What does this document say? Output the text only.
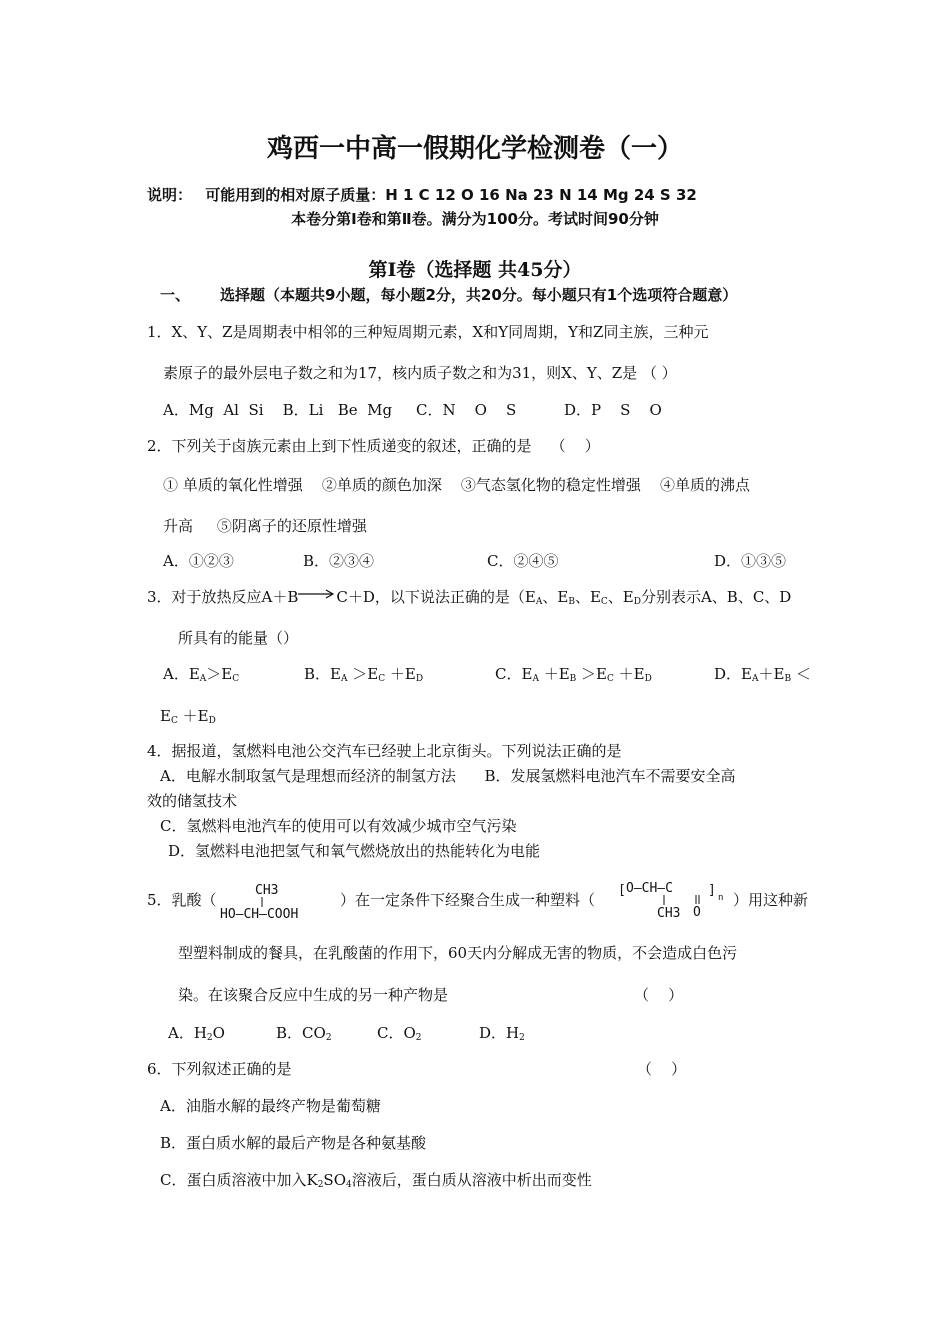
鸡西一中高一假期化学检测卷（一）
说明： 可能用到的相对原子质量：H 1 C 12 O 16 Na 23 N 14 Mg 24 S 32
本卷分第Ⅰ卷和第Ⅱ卷。满分为100分。考试时间90分钟
第Ⅰ卷（选择题 共45分）
一、 选择题（本题共9小题，每小题2分，共20分。每小题只有1个选项符合题意）
1．X、Y、Z是周期表中相邻的三种短周期元素，X和Y同周期，Y和Z同主族，三种元
素原子的最外层电子数之和为17，核内质子数之和为31，则X、Y、Z是 （ ）
A．Mg  Al  Si    B．Li   Be  Mg     C．N    O    S          D．P    S    O
2．下列关于卤族元素由上到下性质递变的叙述，正确的是    （    ）
① 单质的氧化性增强    ②单质的颜色加深    ③气态氢化物的稳定性增强    ④单质的沸点
升高     ⑤阴离子的还原性增强
A．①②③	B．②③④	C．②④⑤	D．①③⑤
3．对于放热反应A＋B→C＋D，以下说法正确的是（$E_A$、$E_B$、$E_C$、$E_D$分别表示A、B、C、D
所具有的能量（）
A．$E_A>E_C$	B．$E_A >E_C +E_D$	C．$E_A +E_B >E_C +E_D$	D．$E_A+E_B$ ＜
$E_C +E_D$
4．据报道，氢燃料电池公交汽车已经驶上北京街头。下列说法正确的是
A．电解水制取氢气是理想而经济的制氢方法      B．发展氢燃料电池汽车不需要安全高
效的储氢技术
C．氢燃料电池汽车的使用可以有效减少城市空气污染
D．氢燃料电池把氢气和氧气燃烧放出的热能转化为电能
5．乳酸（
CH3
HO—CH—COOH
）在一定条件下经聚合生成一种塑料（
[ O—CH—C	] n
CH3 O
）用这种新
型塑料制成的餐具，在乳酸菌的作用下，60天内分解成无害的物质，不会造成白色污
染。在该聚合反应中生成的另一种产物是	（    ）
A．$H_2O$	B．$CO_2$	C．$O_2$	D．$H_2$
6．下列叙述正确的是	（    ）
A．油脂水解的最终产物是葡萄糖
B．蛋白质水解的最后产物是各种氨基酸
C．蛋白质溶液中加入$K_2SO_4$溶液后，蛋白质从溶液中析出而变性
